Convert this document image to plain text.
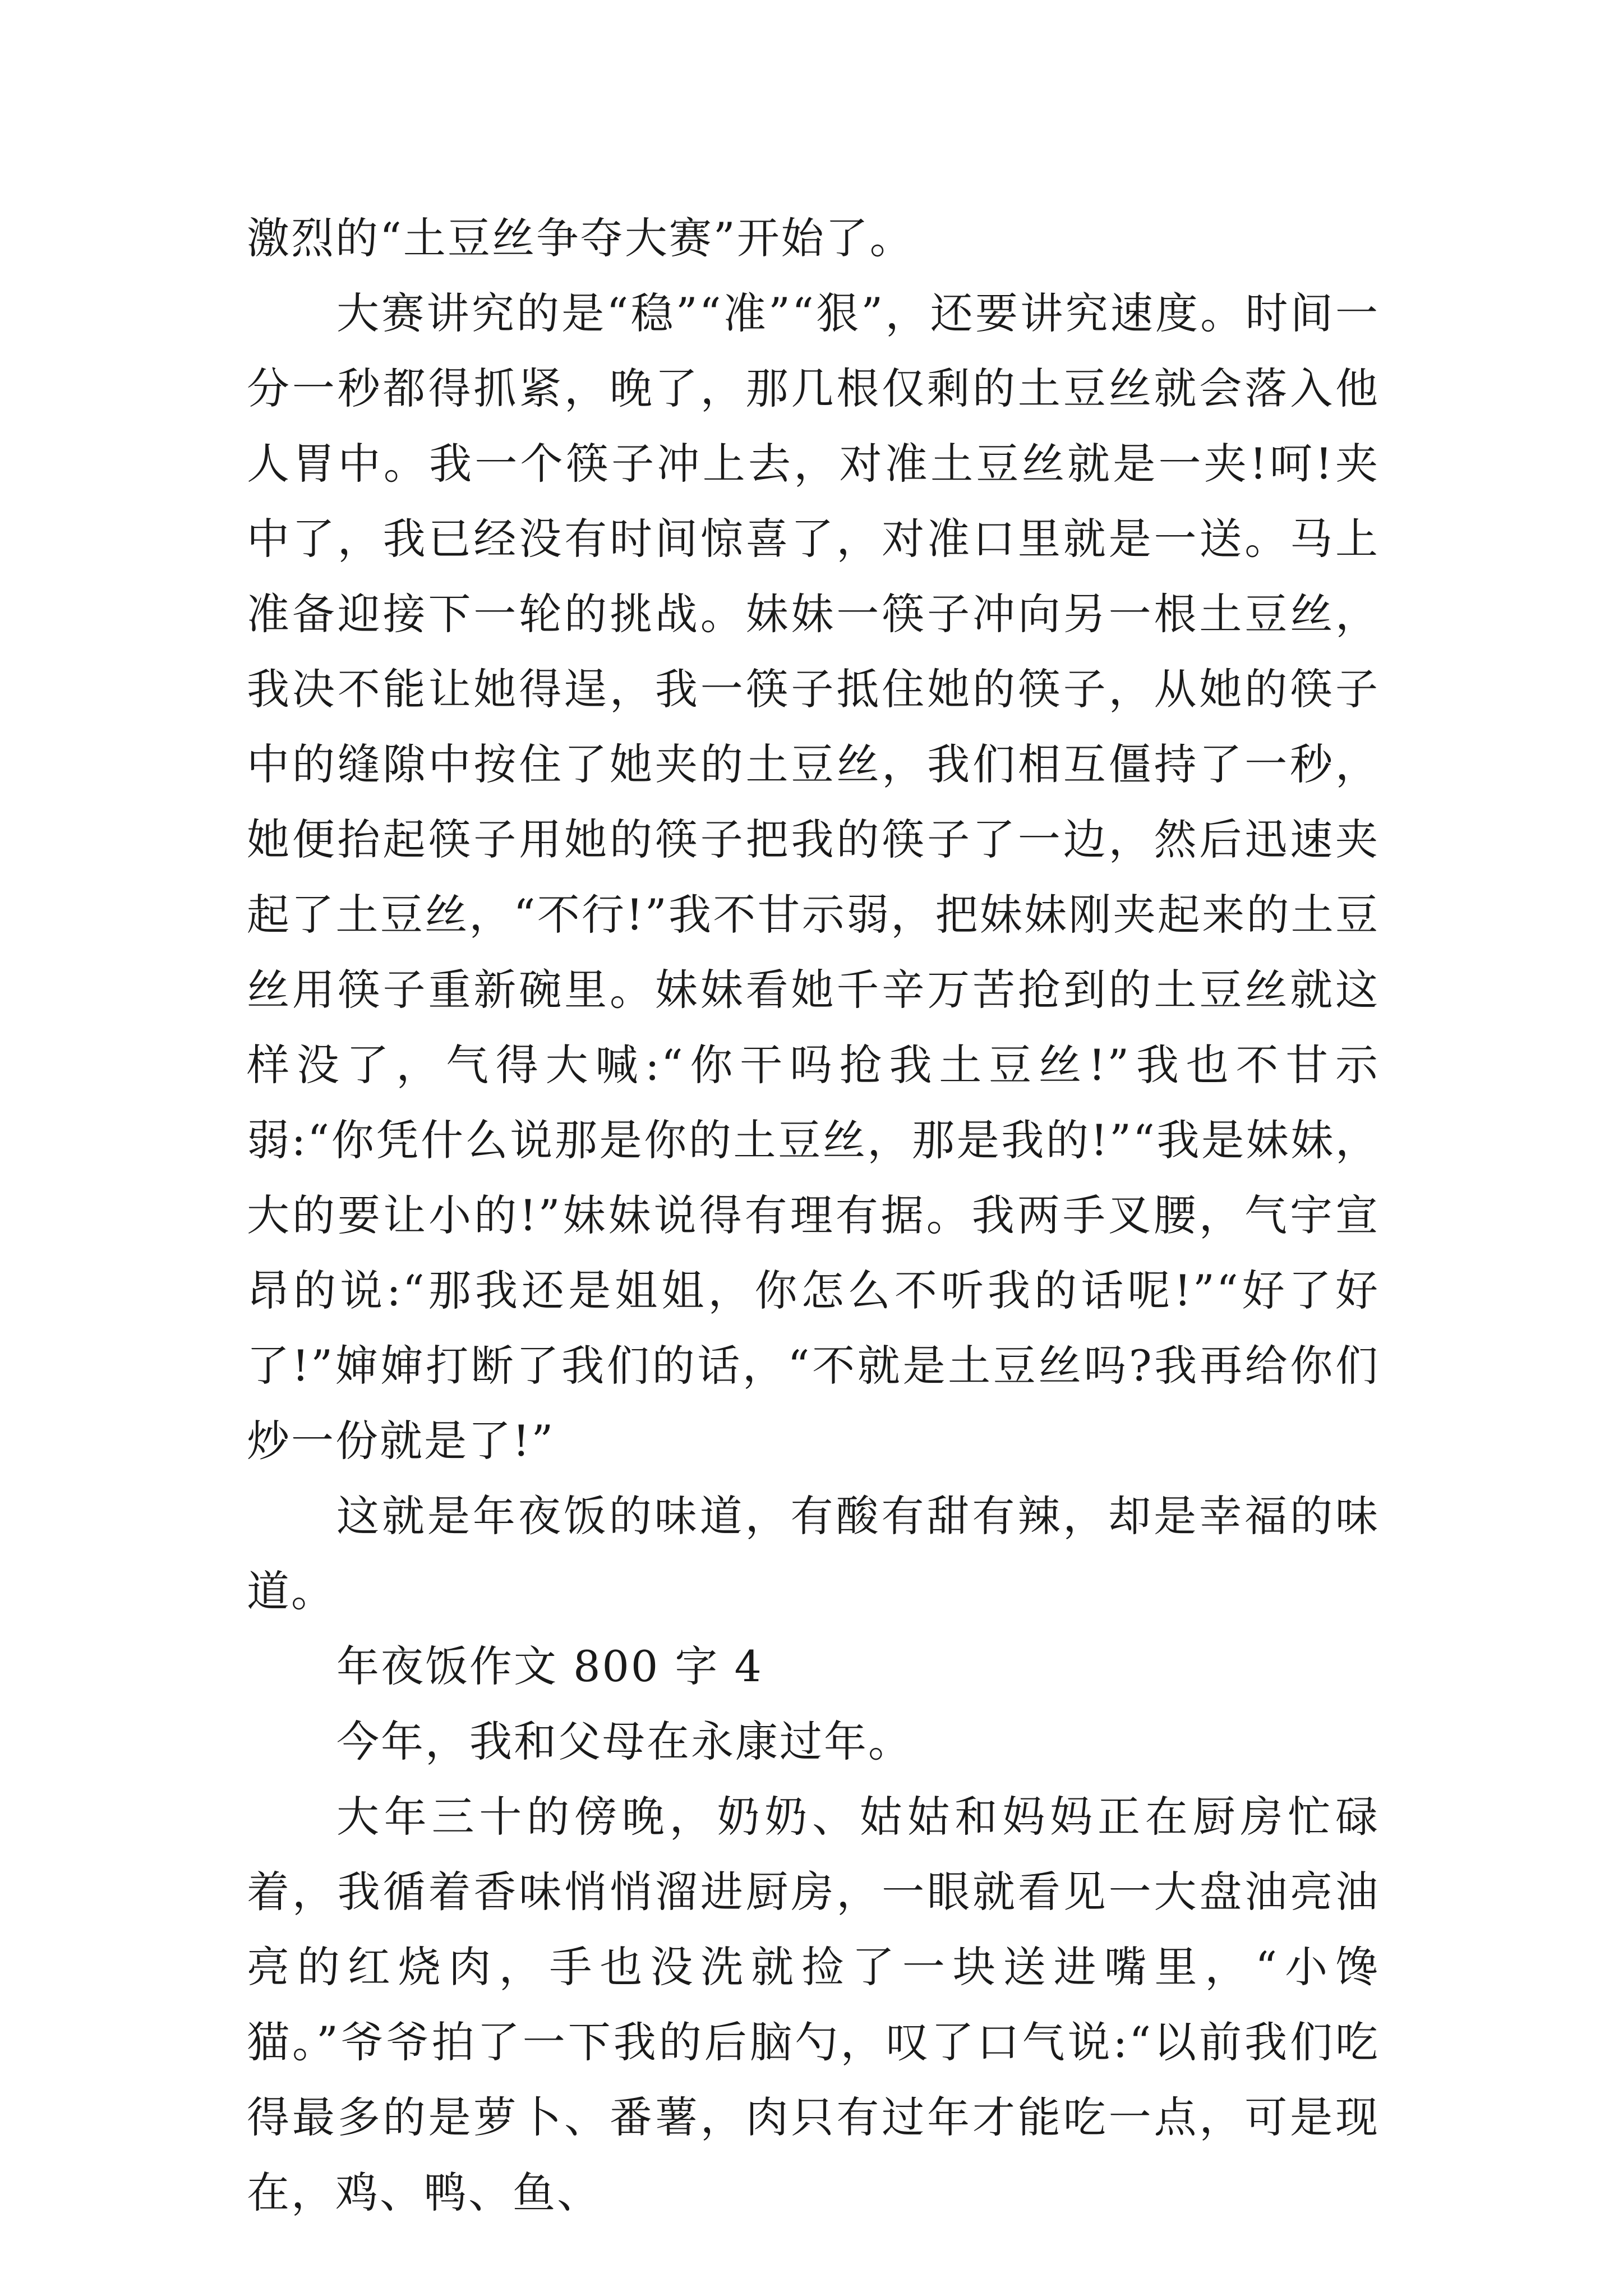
激烈的“土豆丝争夺大赛”开始了。

大赛讲究的是“稳”“准”“狠”，还要讲究速度。时间一分一秒都得抓紧，晚了，那几根仅剩的土豆丝就会落入他人胃中。我一个筷子冲上去，对准土豆丝就是一夹!呵!夹中了，我已经没有时间惊喜了，对准口里就是一送。马上准备迎接下一轮的挑战。妹妹一筷子冲向另一根土豆丝，我决不能让她得逞，我一筷子抵住她的筷子，从她的筷子中的缝隙中按住了她夹的土豆丝，我们相互僵持了一秒，她便抬起筷子用她的筷子把我的筷子了一边，然后迅速夹起了土豆丝，“不行!”我不甘示弱，把妹妹刚夹起来的土豆丝用筷子重新碗里。妹妹看她千辛万苦抢到的土豆丝就这样没了，气得大喊:“你干吗抢我土豆丝!”我也不甘示弱:“你凭什么说那是你的土豆丝，那是我的!”“我是妹妹，大的要让小的!”妹妹说得有理有据。我两手叉腰，气宇宣昂的说:“那我还是姐姐，你怎么不听我的话呢!”“好了好了!”婶婶打断了我们的话，“不就是土豆丝吗?我再给你们炒一份就是了!”

这就是年夜饭的味道，有酸有甜有辣，却是幸福的味道。

年夜饭作文 800 字 4

今年，我和父母在永康过年。

大年三十的傍晚，奶奶、姑姑和妈妈正在厨房忙碌着，我循着香味悄悄溜进厨房，一眼就看见一大盘油亮油亮的红烧肉，手也没洗就捡了一块送进嘴里，“小馋猫。”爷爷拍了一下我的后脑勺，叹了口气说:“以前我们吃得最多的是萝卜、番薯，肉只有过年才能吃一点，可是现在，鸡、鸭、鱼、
